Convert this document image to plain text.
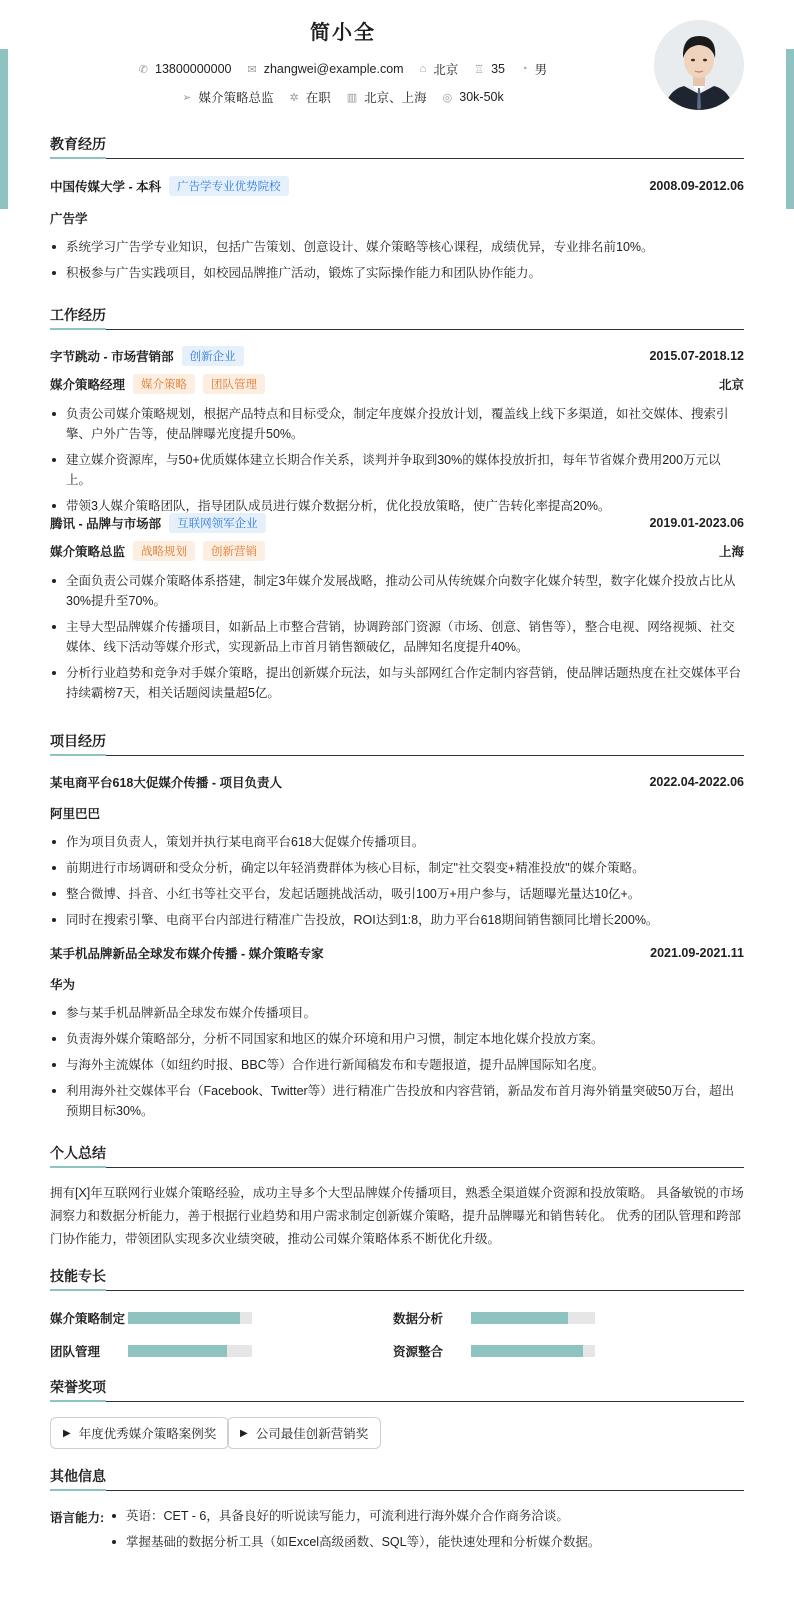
简小全
✆ 13800000000 ✉ zhangwei@example.com ⌂ 北京 ♖ 35 ◔ 男
➢ 媒介策略总监 ✲ 在职 ▥ 北京、上海 ◎ 30k-50k
教育经历
中国传媒大学 - 本科	广告学专业优势院校	2008.09-2012.06
广告学
系统学习广告学专业知识，包括广告策划、创意设计、媒介策略等核心课程，成绩优异，专业排名前10%。
积极参与广告实践项目，如校园品牌推广活动，锻炼了实际操作能力和团队协作能力。
工作经历
字节跳动 - 市场营销部	创新企业	2015.07-2018.12
媒介策略经理	媒介策略	团队管理	北京
负责公司媒介策略规划，根据产品特点和目标受众，制定年度媒介投放计划，覆盖线上线下多渠道，如社交媒体、搜索引擎、户外广告等，使品牌曝光度提升50%。
建立媒介资源库，与50+优质媒体建立长期合作关系，谈判并争取到30%的媒体投放折扣，每年节省媒介费用200万元以上。
带领3人媒介策略团队，指导团队成员进行媒介数据分析，优化投放策略，使广告转化率提高20%。
腾讯 - 品牌与市场部	互联网领军企业	2019.01-2023.06
媒介策略总监	战略规划	创新营销	上海
全面负责公司媒介策略体系搭建，制定3年媒介发展战略，推动公司从传统媒介向数字化媒介转型，数字化媒介投放占比从30%提升至70%。
主导大型品牌媒介传播项目，如新品上市整合营销，协调跨部门资源（市场、创意、销售等），整合电视、网络视频、社交媒体、线下活动等媒介形式，实现新品上市首月销售额破亿，品牌知名度提升40%。
分析行业趋势和竞争对手媒介策略，提出创新媒介玩法，如与头部网红合作定制内容营销，使品牌话题热度在社交媒体平台持续霸榜7天，相关话题阅读量超5亿。
项目经历
某电商平台618大促媒介传播 - 项目负责人	2022.04-2022.06
阿里巴巴
作为项目负责人，策划并执行某电商平台618大促媒介传播项目。
前期进行市场调研和受众分析，确定以年轻消费群体为核心目标，制定"社交裂变+精准投放"的媒介策略。
整合微博、抖音、小红书等社交平台，发起话题挑战活动，吸引100万+用户参与，话题曝光量达10亿+。
同时在搜索引擎、电商平台内部进行精准广告投放，ROI达到1:8，助力平台618期间销售额同比增长200%。
某手机品牌新品全球发布媒介传播 - 媒介策略专家	2021.09-2021.11
华为
参与某手机品牌新品全球发布媒介传播项目。
负责海外媒介策略部分，分析不同国家和地区的媒介环境和用户习惯，制定本地化媒介投放方案。
与海外主流媒体（如纽约时报、BBC等）合作进行新闻稿发布和专题报道，提升品牌国际知名度。
利用海外社交媒体平台（Facebook、Twitter等）进行精准广告投放和内容营销，新品发布首月海外销量突破50万台，超出预期目标30%。
个人总结
拥有[X]年互联网行业媒介策略经验，成功主导多个大型品牌媒介传播项目，熟悉全渠道媒介资源和投放策略。 具备敏锐的市场洞察力和数据分析能力，善于根据行业趋势和用户需求制定创新媒介策略，提升品牌曝光和销售转化。 优秀的团队管理和跨部门协作能力，带领团队实现多次业绩突破，推动公司媒介策略体系不断优化升级。
技能专长
媒介策略制定	数据分析
团队管理	资源整合
荣誉奖项
▶ 年度优秀媒介策略案例奖 ▶ 公司最佳创新营销奖
其他信息
语言能力:	英语：CET - 6，具备良好的听说读写能力，可流利进行海外媒介合作商务洽谈。
掌握基础的数据分析工具（如Excel高级函数、SQL等），能快速处理和分析媒介数据。
